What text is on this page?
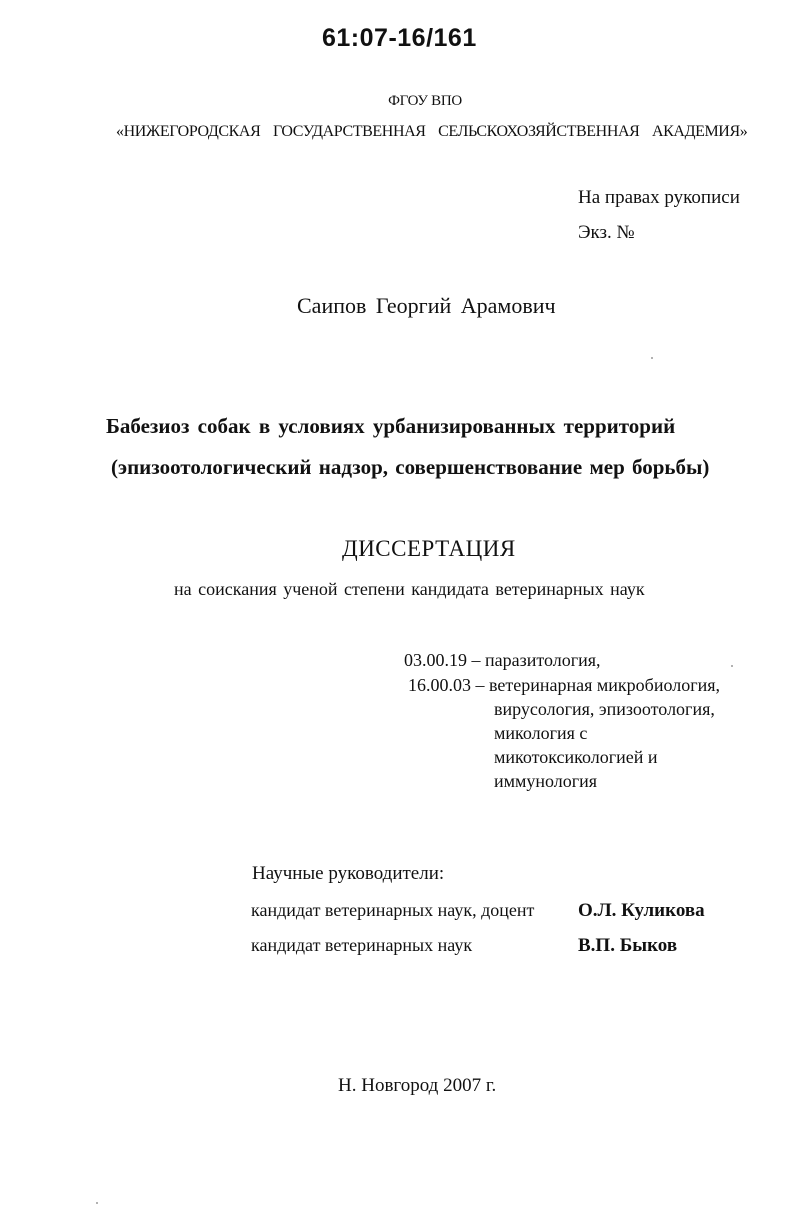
61:07-16/161
ФГОУ ВПО
«НИЖЕГОРОДСКАЯ ГОСУДАРСТВЕННАЯ СЕЛЬСКОХОЗЯЙСТВЕННАЯ АКАДЕМИЯ»
На правах рукописи
Экз. №
Саипов Георгий Арамович
Бабезиоз собак в условиях урбанизированных территорий
(эпизоотологический надзор, совершенствование мер борьбы)
ДИССЕРТАЦИЯ
на соискания ученой степени кандидата ветеринарных наук
03.00.19 – паразитология,
16.00.03 – ветеринарная микробиология,
вирусология, эпизоотология,
микология с
микотоксикологией и
иммунология
Научные руководители:
кандидат ветеринарных наук, доцент О.Л. Куликова
кандидат ветеринарных наук	В.П. Быков
Н. Новгород 2007 г.
